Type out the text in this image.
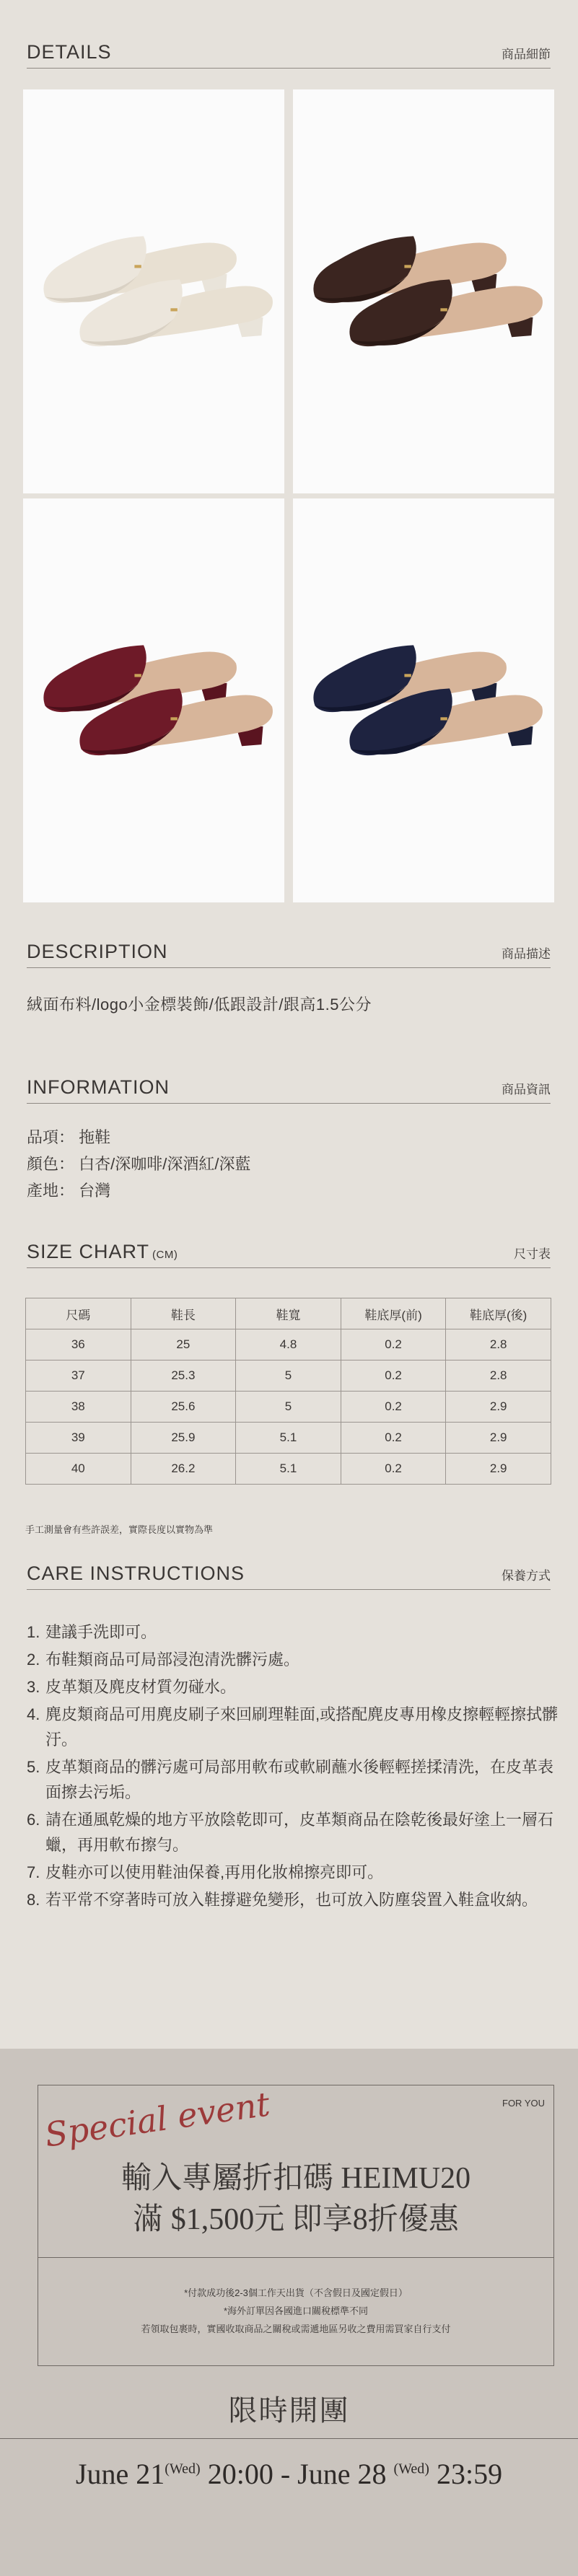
DETAILS	商品細節
DESCRIPTION	商品描述
絨面布料/logo小金標裝飾/低跟設計/跟高1.5公分
INFORMATION	商品資訊
品項： 拖鞋
顏色： 白杏/深咖啡/深酒紅/深藍
產地： 台灣
SIZE CHART (CM)	尺寸表
尺碼	鞋長	鞋寬	鞋底厚(前)	鞋底厚(後)
36	25	4.8	0.2	2.8
37	25.3	5	0.2	2.8
38	25.6	5	0.2	2.9
39	25.9	5.1	0.2	2.9
40	26.2	5.1	0.2	2.9
手工測量會有些許誤差，實際長度以實物為準
CARE INSTRUCTIONS	保養方式
1. 建議手洗即可。
2. 布鞋類商品可局部浸泡清洗髒污處。
3. 皮革類及麂皮材質勿碰水。
4. 麂皮類商品可用麂皮刷子來回刷理鞋面,或搭配麂皮專用橡皮擦輕輕擦拭髒汙。
5. 皮革類商品的髒污處可局部用軟布或軟刷蘸水後輕輕搓揉清洗，在皮革表面擦去污垢。
6. 請在通風乾燥的地方平放陰乾即可，皮革類商品在陰乾後最好塗上一層石蠟，再用軟布擦勻。
7. 皮鞋亦可以使用鞋油保養,再用化妝棉擦亮即可。
8. 若平常不穿著時可放入鞋撐避免變形，也可放入防塵袋置入鞋盒收納。
Special event	FOR YOU
輸入專屬折扣碼 HEIMU20
滿 $1,500元 即享8折優惠
*付款成功後2-3個工作天出貨（不含假日及國定假日）
*海外訂單因各國進口關稅標準不同
若領取包裹時，實國收取商品之關稅或需遞地區另收之費用需買家自行支付
限時開團
June $21^{(Wed)}$ 20:00 - June 28 $^{(Wed)}$ 23:59
